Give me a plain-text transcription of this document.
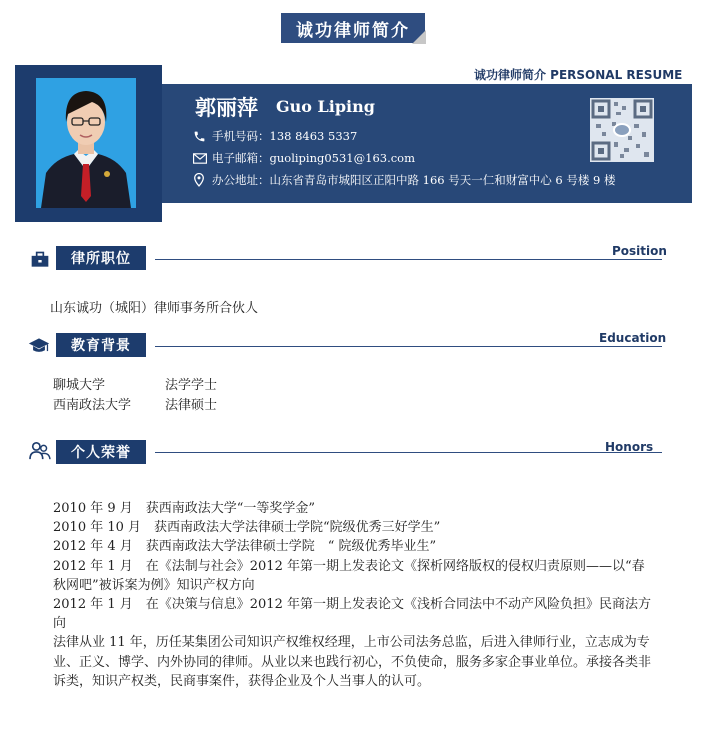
诚功律师简介
诚功律师简介 PERSONAL RESUME
郭丽萍 Guo Liping
手机号码： 138 8463 5337
电子邮箱： guoliping0531@163.com
办公地址： 山东省青岛市城阳区正阳中路 166 号天一仁和财富中心 6 号楼 9 楼
律所职位	Position
山东诚功（城阳）律师事务所合伙人
教育背景	Education
聊城大学	法学学士
西南政法大学	法律硕士
个人荣誉	Honors

2010 年 9 月　获西南政法大学“一等奖学金”

2010 年 10 月　获西南政法大学法律硕士学院“院级优秀三好学生”

2012 年 4 月　获西南政法大学法律硕士学院　“ 院级优秀毕业生”

2012 年 1 月　在《法制与社会》2012 年第一期上发表论文《探析网络版权的侵权归责原则——以“春秋网吧”被诉案为例》知识产权方向

2012 年 1 月　在《决策与信息》2012 年第一期上发表论文《浅析合同法中不动产风险负担》民商法方向

法律从业 11 年，历任某集团公司知识产权维权经理，上市公司法务总监，后进入律师行业，立志成为专业、正义、博学、内外协同的律师。从业以来也践行初心，不负使命，服务多家企事业单位。承接各类非诉类，知识产权类，民商事案件，获得企业及个人当事人的认可。
